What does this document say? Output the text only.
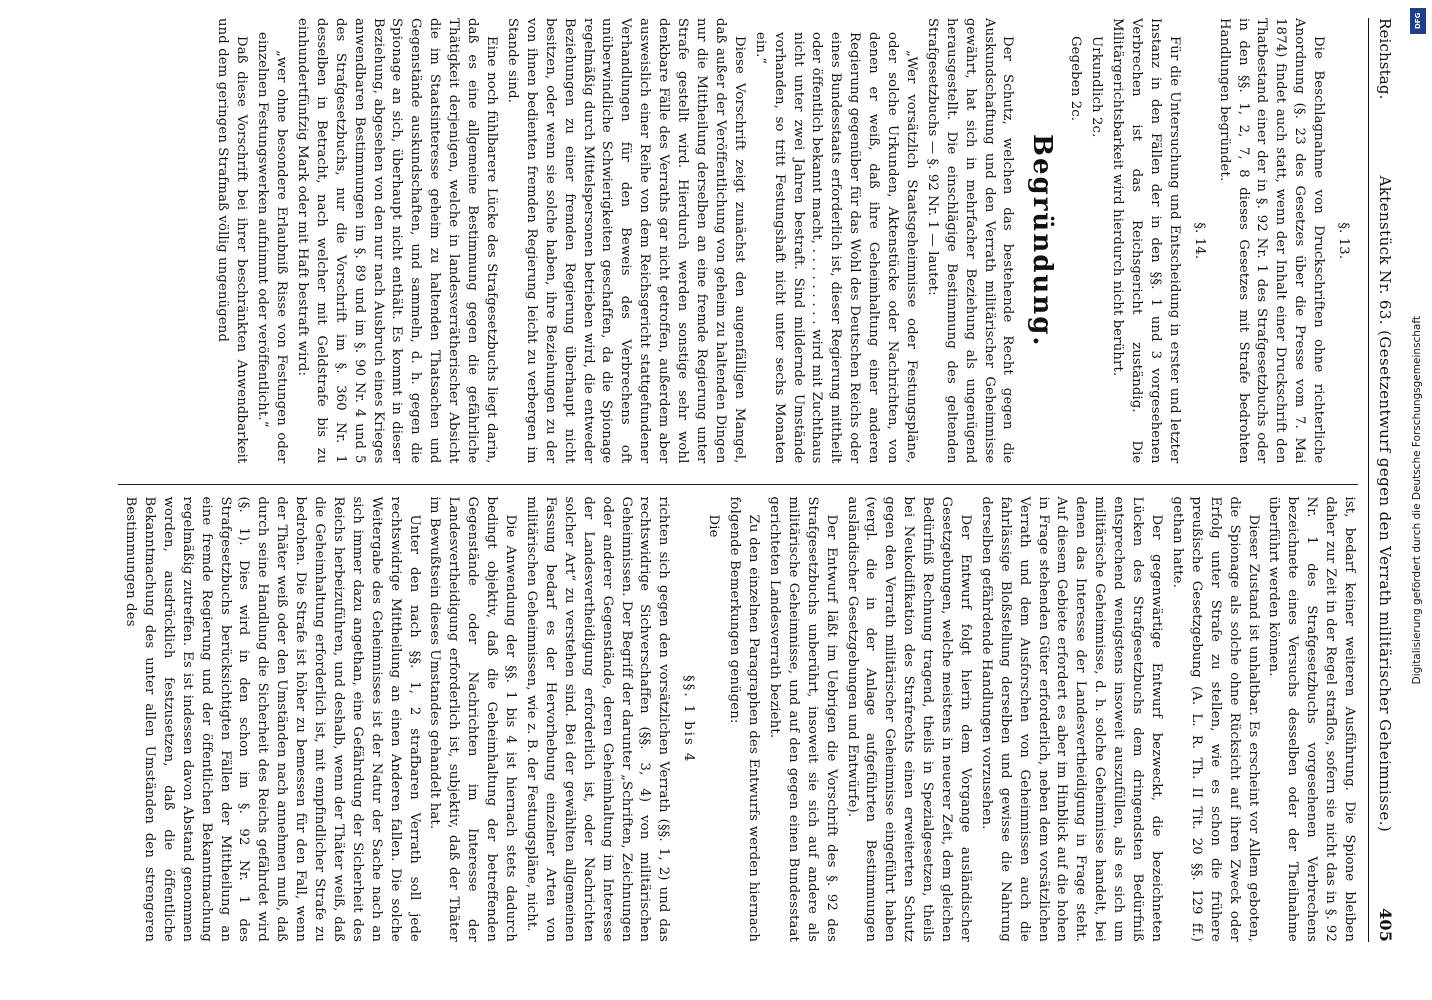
Reichstag.
Aktenstück Nr. 63. (Gesetzentwurf gegen den Verrath militärischer Geheimnisse.)
405

§. 13.

Die Beschlagnahme von Druckschriften ohne richterliche Anordnung (§. 23 des Gesetzes über die Presse vom 7. Mai 1874) findet auch statt, wenn der Inhalt einer Druckschrift den Thatbestand einer der in §. 92 Nr. 1 des Strafgesetzbuchs oder in den §§. 1, 2, 7, 8 dieses Gesetzes mit Strafe bedrohten Handlungen begründet.

§. 14.

Für die Untersuchung und Entscheidung in erster und letzter Instanz in den Fällen der in den §§. 1 und 3 vorgesehenen Verbrechen ist das Reichsgericht zuständig. Die Militärgerichtsbarkeit wird hierdurch nicht berührt.

Urkundlich 2c.

Gegeben 2c.

Begründung.

Der Schutz, welchen das bestehende Recht gegen die Auskundschaftung und den Verrath militärischer Geheimnisse gewährt, hat sich in mehrfacher Beziehung als ungenügend herausgestellt. Die einschlägige Bestimmung des geltenden Strafgesetzbuchs — §. 92 Nr. 1 — lautet:

„Wer vorsätzlich Staatsgeheimnisse oder Festungspläne, oder solche Urkunden, Aktenstücke oder Nachrichten, von denen er weiß, daß ihre Geheimhaltung einer anderen Regierung gegenüber für das Wohl des Deutschen Reichs oder eines Bundesstaats erforderlich ist, dieser Regierung mittheilt oder öffentlich bekannt macht, . . . . . . . . . wird mit Zuchthaus nicht unter zwei Jahren bestraft. Sind mildernde Umstände vorhanden, so tritt Festungshaft nicht unter sechs Monaten ein.“

Diese Vorschrift zeigt zunächst den augenfälligen Mangel, daß außer der Veröffentlichung von geheim zu haltenden Dingen nur die Mittheilung derselben an eine fremde Regierung unter Strafe gestellt wird. Hierdurch werden sonstige sehr wohl denkbare Fälle des Verraths gar nicht getroffen, außerdem aber ausweislich einer Reihe von dem Reichsgericht stattgefundener Verhandlungen für den Beweis des Verbrechens oft unüberwindliche Schwierigkeiten geschaffen, da die Spionage regelmäßig durch Mittelspersonen betrieben wird, die entweder Beziehungen zu einer fremden Regierung überhaupt nicht besitzen, oder wenn sie solche haben, ihre Beziehungen zu der von ihnen bedienten fremden Regierung leicht zu verbergen im Stande sind.

Eine noch fühlbarere Lücke des Strafgesetzbuchs liegt darin, daß es eine allgemeine Bestimmung gegen die gefährliche Thätigkeit derjenigen, welche in landesverrätherischer Absicht die im Staatsinteresse geheim zu haltenden Thatsachen und Gegenstände auskundschaften, und sammeln, d. h. gegen die Spionage an sich, überhaupt nicht enthält. Es kommt in dieser Beziehung, abgesehen von den nur nach Ausbruch eines Krieges anwendbaren Bestimmungen im §. 89 und im §. 90 Nr. 4 und 5 des Strafgesetzbuchs, nur die Vorschrift im §. 360 Nr. 1 desselben in Betracht, nach welcher mit Geldstrafe bis zu einhundertfünfzig Mark oder mit Haft bestraft wird:

„wer ohne besondere Erlaubniß Risse von Festungen oder einzelnen Festungswerken aufnimmt oder veröffentlicht.“

Daß diese Vorschrift bei ihrer beschränkten Anwendbarkeit und dem geringen Strafmaß völlig ungenügend

ist, bedarf keiner weiteren Ausführung. Die Spione bleiben daher zur Zeit in der Regel straflos, sofern sie nicht das in §. 92 Nr. 1 des Strafgesetzbuchs vorgesehenen Verbrechens bezeichnete eines Versuchs desselben oder der Theilnahme überführt werden können.

Dieser Zustand ist unhaltbar. Es erscheint vor Allem geboten, die Spionage als solche ohne Rücksicht auf ihren Zweck oder Erfolg unter Strafe zu stellen, wie es schon die frühere preußische Gesetzgebung (A. L. R. Th. II Tit. 20 §§. 129 ff.) gethan hatte.

Der gegenwärtige Entwurf bezweckt, die bezeichneten Lücken des Strafgesetzbuchs dem dringendsten Bedürfniß entsprechend wenigstens insoweit auszufüllen, als es sich um militärische Geheimnisse, d. h. solche Geheimnisse handelt, bei denen das Interesse der Landesvertheidigung in Frage steht. Auf diesem Gebiete erfordert es aber im Hinblick auf die hohen in Frage stehenden Güter erforderlich, neben dem vorsätzlichen Verrath und dem Ausforschen von Geheimnissen auch die fahrlässige Bloßstellung derselben und gewisse die Nahrung derselben gefährdende Handlungen vorzusehen.

Der Entwurf folgt hierin dem Vorgange ausländischer Gesetzgebungen, welche meistens in neuerer Zeit, dem gleichen Bedürfniß Rechnung tragend, theils in Spezialgesetzen, theils bei Neukodifikation des Strafrechts einen erweiterten Schutz gegen den Verrath militärischer Geheimnisse eingeführt haben (vergl. die in der Anlage aufgeführten Bestimmungen ausländischer Gesetzgebungen und Entwürfe).

Der Entwurf läßt im Uebrigen die Vorschrift des §. 92 des Strafgesetzbuchs unberührt, insoweit sie sich auf andere als militärische Geheimnisse, und auf den gegen einen Bundesstaat gerichteten Landesverrath bezieht.

Zu den einzelnen Paragraphen des Entwurfs werden hiernach folgende Bemerkungen genügen:

Die

§§. 1 bis 4

richten sich gegen den vorsätzlichen Verrath (§§. 1, 2) und das rechtswidrige Sichverschaffen (§§. 3, 4) von militärischen Geheimnissen. Der Begriff der darunter „Schriften, Zeichnungen oder anderer Gegenstände, deren Geheimhaltung im Interesse der Landesvertheidigung erforderlich ist, oder Nachrichten solcher Art“ zu verstehen sind. Bei der gewählten allgemeinen Fassung bedarf es der Hervorhebung einzelner Arten von militärischen Geheimnissen, wie z. B. der Festungspläne, nicht.

Die Anwendung der §§. 1 bis 4 ist hiernach stets dadurch bedingt objektiv, daß die Geheimhaltung der betreffenden Gegenstände oder Nachrichten im Interesse der Landesvertheidigung erforderlich ist, subjektiv, daß der Thäter im Bewußtsein dieses Umstandes gehandelt hat.

Unter den nach §§. 1, 2 strafbaren Verrath soll jede rechtswidrige Mittheilung an einen Anderen fallen. Die solche Weitergabe des Geheimnisses ist der Natur der Sache nach an sich immer dazu angethan, eine Gefährdung der Sicherheit des Reichs herbeizuführen, und deshalb, wenn der Thäter weiß, daß die Geheimhaltung erforderlich ist, mit empfindlicher Strafe zu bedrohen. Die Strafe ist höher zu bemessen für den Fall, wenn der Thäter weiß oder den Umständen nach annehmen muß, daß durch seine Handlung die Sicherheit des Reichs gefährdet wird (§. 1). Dies wird in den schon im §. 92 Nr. 1 des Strafgesetzbuchs berücksichtigten Fällen der Mittheilung an eine fremde Regierung und der öffentlichen Bekanntmachung regelmäßig zutreffen. Es ist indessen davon Abstand genommen worden, ausdrücklich festzusetzen, daß die öffentliche Bekanntmachung des unter allen Umständen den strengeren Bestimmungen des

DFG
Digitalisierung gefördert durch die Deutsche Forschungsgemeinschaft
